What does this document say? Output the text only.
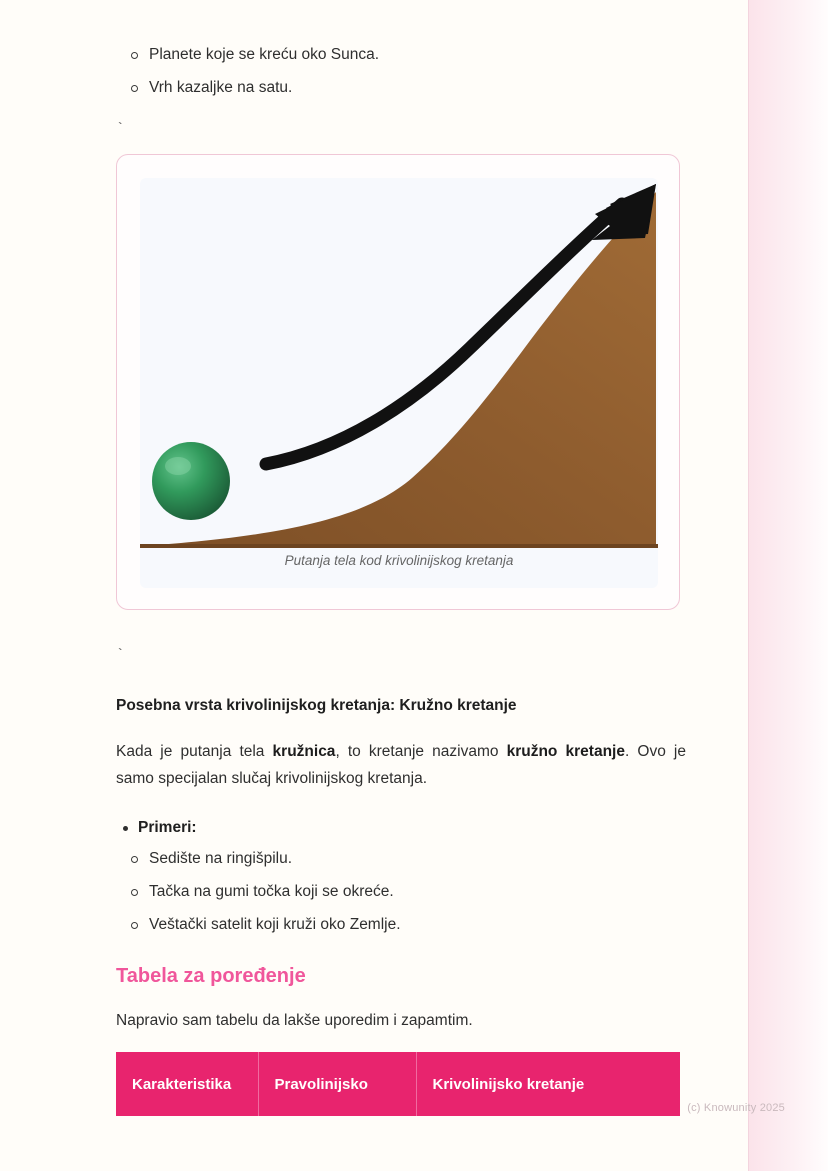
Planete koje se kreću oko Sunca.
Vrh kazaljke na satu.
`
Putanja tela kod krivolinijskog kretanja
`
Posebna vrsta krivolinijskog kretanja: Kružno kretanje

Kada je putanja tela kružnica, to kretanje nazivamo kružno kretanje. Ovo je samo specijalan slučaj krivolinijskog kretanja.

Primeri:
Sedište na ringišpilu.
Tačka na gumi točka koji se okreće.
Veštački satelit koji kruži oko Zemlje.
Tabela za poređenje

Napravio sam tabelu da lakše uporedim i zapamtim.

Karakteristika	Pravolinijsko	Krivolinijsko kretanje
(c) Knowunity 2025
